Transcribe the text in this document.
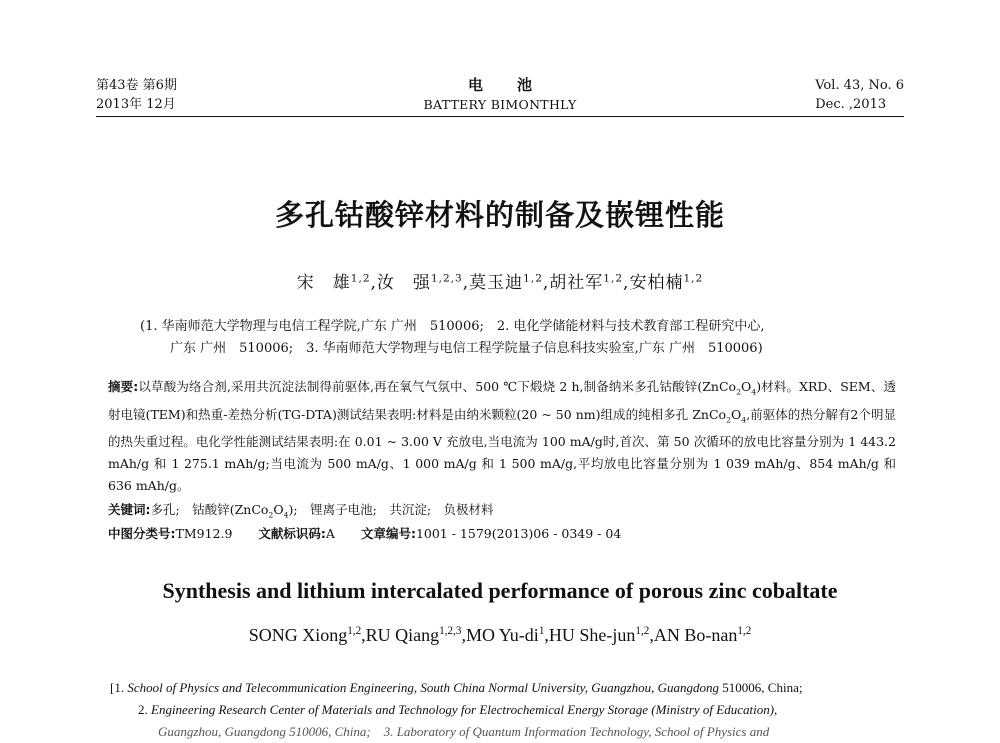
第43卷 第6期
2013年 12月
电池
BATTERY BIMONTHLY
Vol. 43, No. 6
Dec. ,2013
多孔钴酸锌材料的制备及嵌锂性能
宋　雄$^{1,2}$,汝　强$^{1,2,3}$,莫玉迪$^{1,2}$,胡社军$^{1,2}$,安柏楠$^{1,2}$
(1. 华南师范大学物理与电信工程学院,广东 广州　510006;　2. 电化学储能材料与技术教育部工程研究中心,
广东 广州　510006;　3. 华南师范大学物理与电信工程学院量子信息科技实验室,广东 广州　510006)
摘要:以草酸为络合剂,采用共沉淀法制得前驱体,再在氧气气氛中、500 ℃下煅烧 2 h,制备纳米多孔钴酸锌$(ZnCo_2O_4)$材料。XRD、SEM、透射电镜(TEM)和热重-差热分析(TG-DTA)测试结果表明:材料是由纳米颗粒(20 ~ 50 nm)组成的纯相多孔 $ZnCo_2O_4$,前驱体的热分解有2个明显的热失重过程。电化学性能测试结果表明:在 0.01 ~ 3.00 V 充放电,当电流为 100 mA/g时,首次、第 50 次循环的放电比容量分别为 1 443.2 mAh/g 和 1 275.1 mAh/g;当电流为 500 mA/g、1 000 mA/g 和 1 500 mA/g,平均放电比容量分别为 1 039 mAh/g、854 mAh/g 和 636 mAh/g。
关键词:多孔;　钴酸锌$(ZnCo_2O_4)$;　锂离子电池;　共沉淀;　负极材料
中图分类号:TM912.9 文献标识码:A 文章编号:1001 - 1579(2013)06 - 0349 - 04
Synthesis and lithium intercalated performance of porous zinc cobaltate
SONG Xiong$^{1,2}$,RU Qiang$^{1,2,3}$,MO $Yu-di^1,HU$ She-jun$^{1,2}$,AN Bo-nan$^{1,2}$
[1. School of Physics and Telecommunication Engineering, South China Normal University, Guangzhou, Guangdong 510006, China;
2. Engineering Research Center of Materials and Technology for Electrochemical Energy Storage (Ministry of Education),
Guangzhou, Guangdong 510006, China;　3. Laboratory of Quantum Information Technology, School of Physics and
